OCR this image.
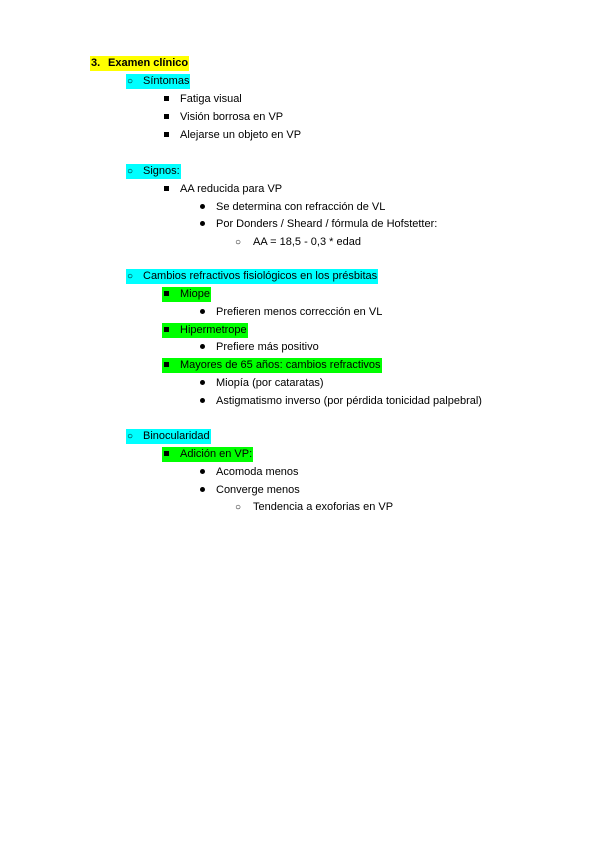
3. Examen clínico
○ Síntomas
Fatiga visual
Visión borrosa en VP
Alejarse un objeto en VP
○ Signos:
AA reducida para VP
Se determina con refracción de VL
Por Donders / Sheard / fórmula de Hofstetter:
○ AA = 18,5 - 0,3 * edad
○ Cambios refractivos fisiológicos en los présbitas
Miope
Prefieren menos corrección en VL
Hipermetrope
Prefiere más positivo
Mayores de 65 años: cambios refractivos
Miopía (por cataratas)
Astigmatismo inverso (por pérdida tonicidad palpebral)
○ Binocularidad
Adición en VP:
Acomoda menos
Converge menos
○ Tendencia a exoforias en VP
